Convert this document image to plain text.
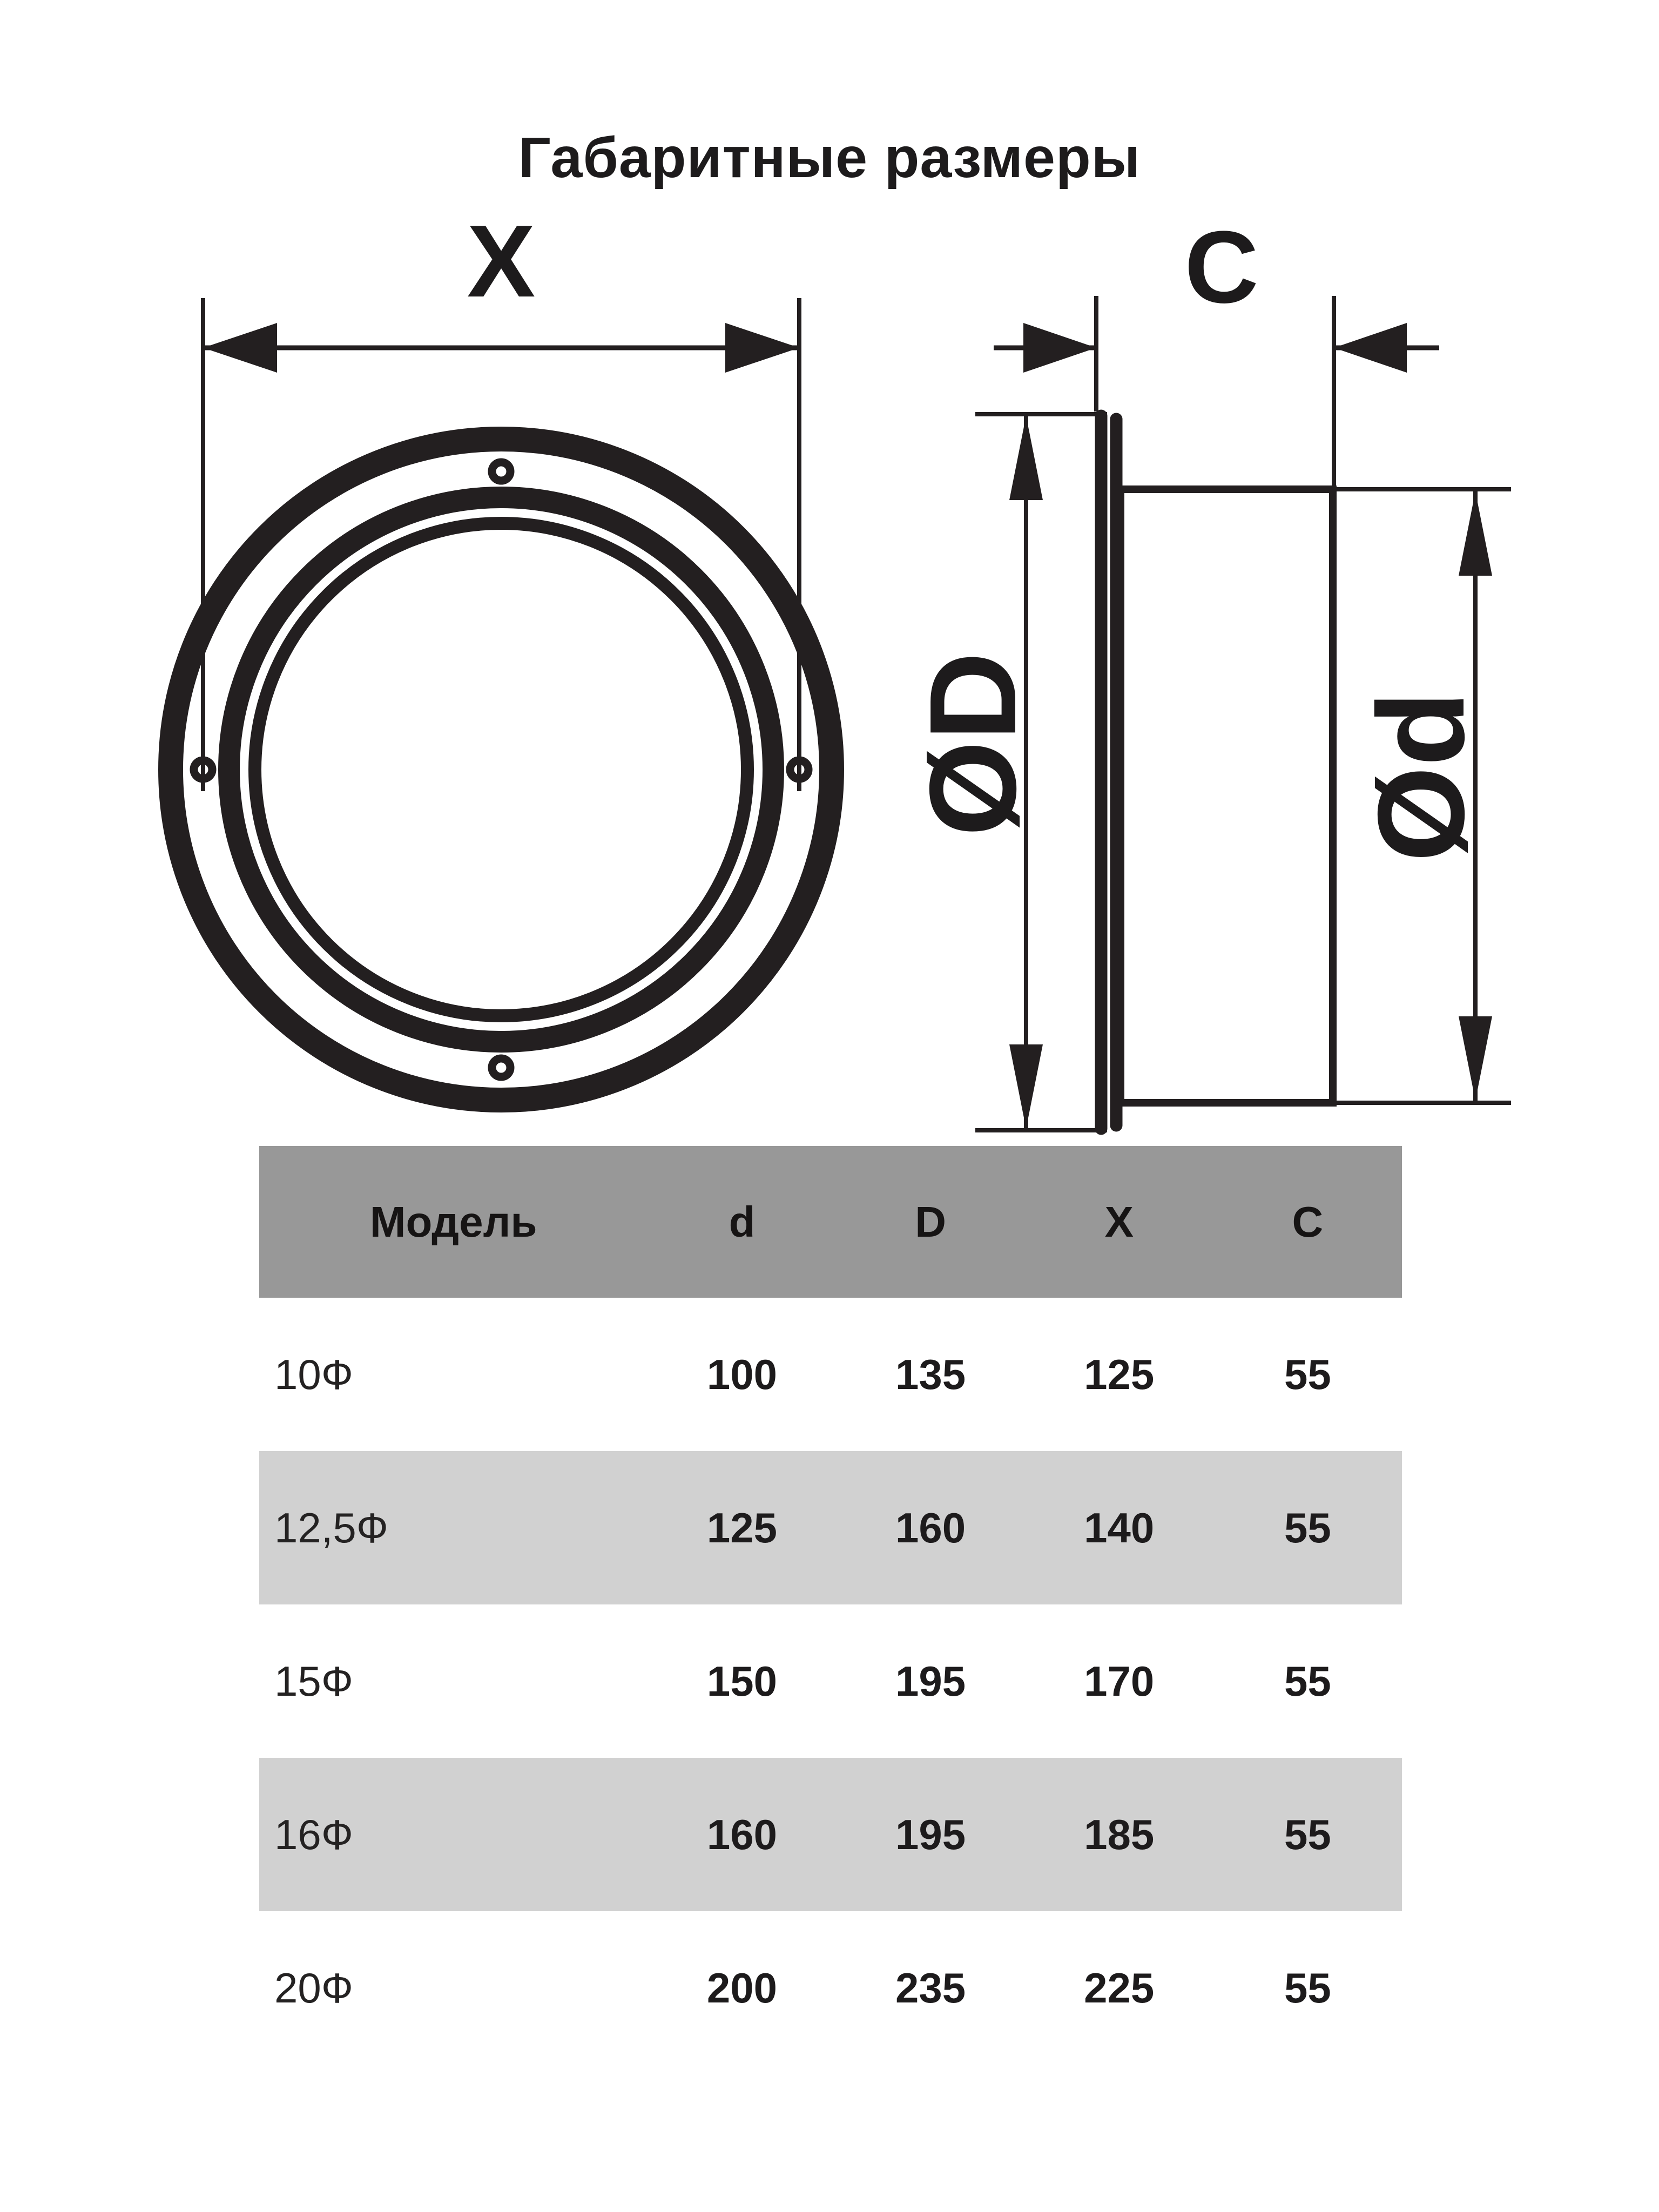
Габаритные размеры
X	C
ØD	Ød
Модель	d	D	X	C
10Ф	100	135	125	55
12,5Ф	125	160	140	55
15Ф	150	195	170	55
16Ф	160	195	185	55
20Ф	200	235	225	55
